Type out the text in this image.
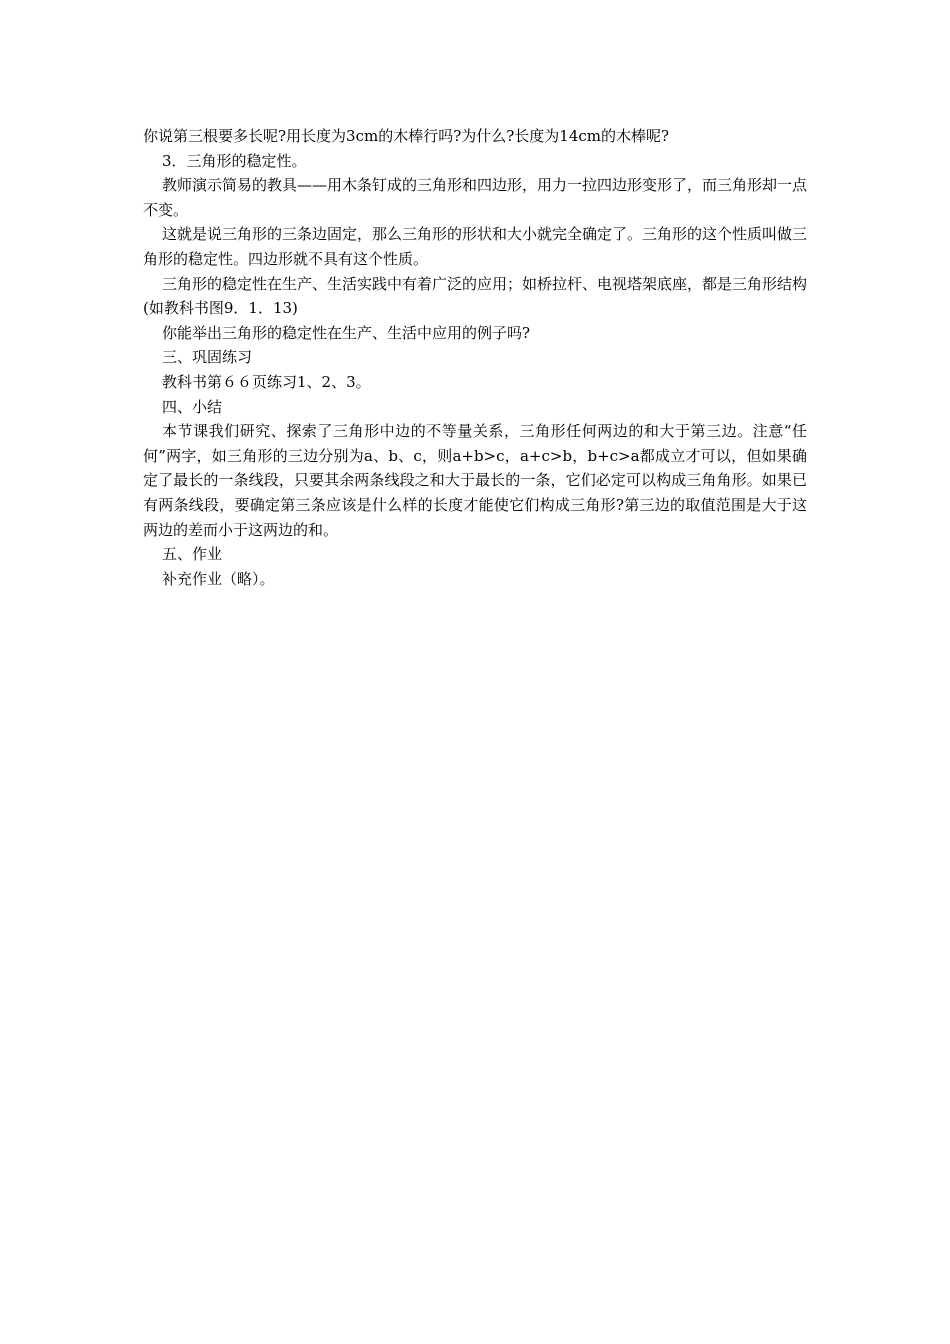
你说第三根要多长呢?用长度为3cm的木棒行吗?为什么?长度为14cm的木棒呢?

3．三角形的稳定性。

教师演示简易的教具——用木条钉成的三角形和四边形，用力一拉四边形变形了，而三角形却一点不变。

这就是说三角形的三条边固定，那么三角形的形状和大小就完全确定了。三角形的这个性质叫做三角形的稳定性。四边形就不具有这个性质。

三角形的稳定性在生产、生活实践中有着广泛的应用；如桥拉杆、电视塔架底座，都是三角形结构(如教科书图9．1．13)

你能举出三角形的稳定性在生产、生活中应用的例子吗?

三、巩固练习

教科书第６６页练习1、2、3。

四、小结

本节课我们研究、探索了三角形中边的不等量关系，三角形任何两边的和大于第三边。注意“任何”两字，如三角形的三边分别为a、b、c，则a+b>c，a+c>b，b+c>a都成立才可以，但如果确定了最长的一条线段，只要其余两条线段之和大于最长的一条，它们必定可以构成三角角形。如果已有两条线段，要确定第三条应该是什么样的长度才能使它们构成三角形?第三边的取值范围是大于这两边的差而小于这两边的和。

五、作业

补充作业（略）。
